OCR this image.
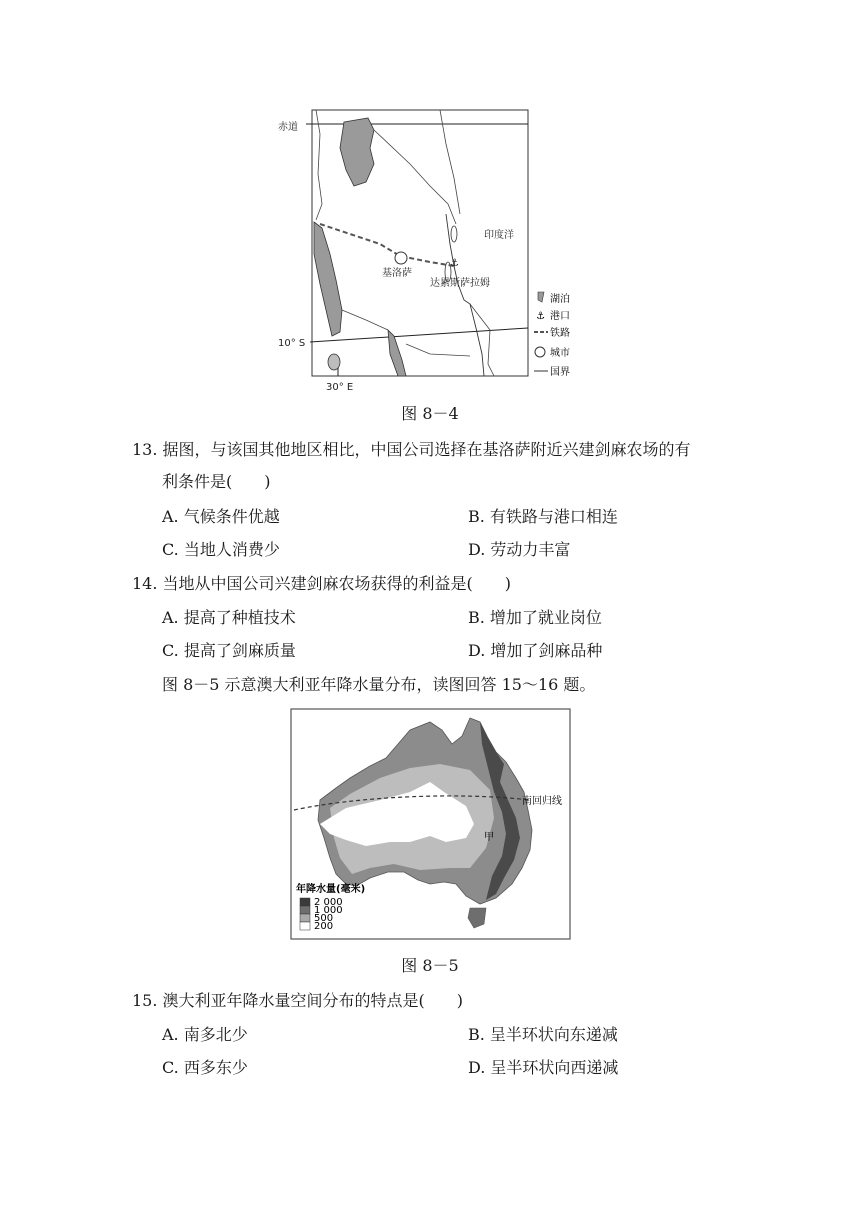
⚓
赤道
10° S
30° E
印度洋
基洛萨
达累斯萨拉姆
湖泊
⚓ 港口
铁路
城市
国界
图 8－4
13. 据图，与该国其他地区相比，中国公司选择在基洛萨附近兴建剑麻农场的有
利条件是(　　)
A. 气候条件优越	B. 有铁路与港口相连
C. 当地人消费少	D. 劳动力丰富
14. 当地从中国公司兴建剑麻农场获得的利益是(　　)
A. 提高了种植技术	B. 增加了就业岗位
C. 提高了剑麻质量	D. 增加了剑麻品种
图 8－5 示意澳大利亚年降水量分布，读图回答 15～16 题。
南回归线
甲
年降水量(毫米)
2 000
1 000
500
200
图 8－5
15. 澳大利亚年降水量空间分布的特点是(　　)
A. 南多北少	B. 呈半环状向东递减
C. 西多东少	D. 呈半环状向西递减
